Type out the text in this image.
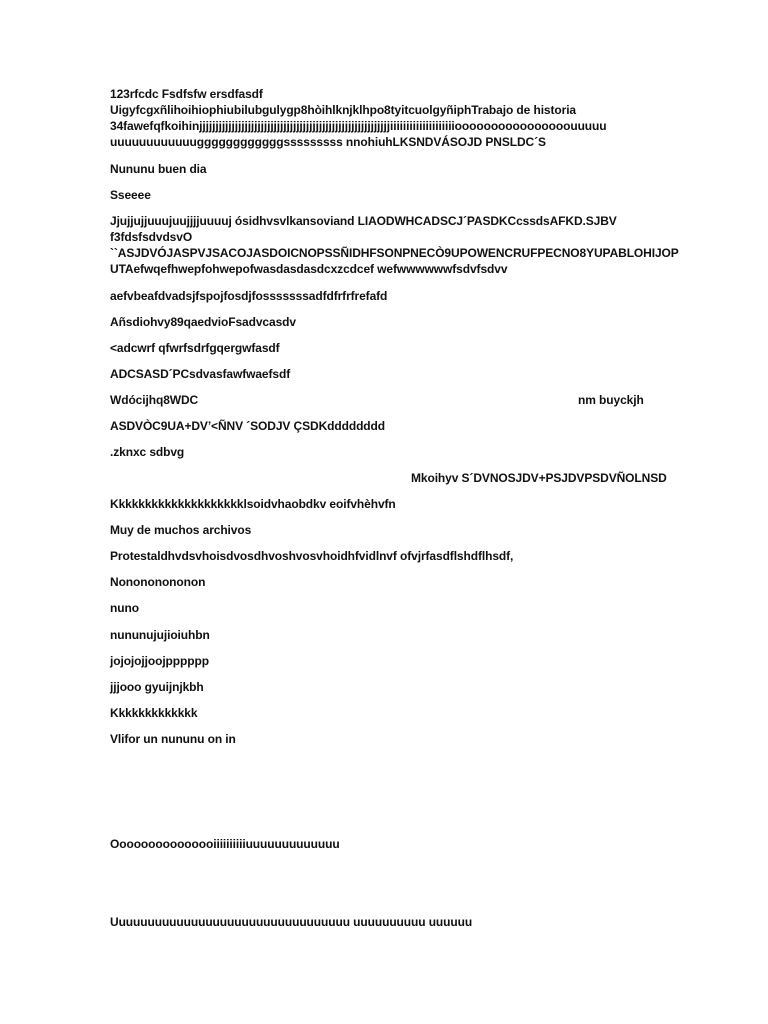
123rfcdc Fsdfsfw ersdfasdf
Uigyfcgxñlihoihiophiubilubgulygp8hòihlknjklhpo8tyitcuolgyñiphTrabajo de historia
34fawefqfkoihinjjjjjjjjjjjjjjjjjjjjjjjjjjjjjjjjjjjjjjjjjjjjjjjjjjjjjjjjjjjiiiiiiiiiiiiiiiiiiiioooooooooooooooouuuuu
uuuuuuuuuuuuggggggggggggsssssssss nnohiuhLKSNDVÁSOJD PNSLDC´S
Nununu buen dia
Sseeee
Jjujjujjuuujuujjjjuuuuj ósidhvsvlkansoviand LIAODWHCADSCJ´PASDKCcssdsAFKD.SJBV
f3fdsfsdvdsvO
``ASJDVÓJASPVJSACOJASDOICNOPSSÑIDHFSONPNECÒ9UPOWENCRUFPECNO8YUPABLOHIJOP
UTAefwqefhwepfohwepofwasdasdasdcxzcdcef wefwwwwwwfsdvfsdvv
aefvbeafdvadsjfspojfosdjfosssssssadfdfrfrfrefafd
Añsdiohvy89qaedvioFsadvcasdv
<adcwrf qfwrfsdrfgqergwfasdf
ADCSASD´PCsdvasfawfwaefsdf
Wdócijhq8WDC	nm buyckjh
ASDVÒC9UA+DV’<ÑNV ´SODJV ÇSDKdddddddd
.zknxc sdbvg
Mkoihyv S´DVNOSJDV+PSJDVPSDVÑOLNSD
Kkkkkkkkkkkkkkkkkkkklsoidvhaobdkv eoifvhèhvfn
Muy de muchos archivos
Protestaldhvdsvhoisdvosdhvoshvosvhoidhfvidlnvf ofvjrfasdflshdflhsdf,
Nonononononon
nuno
nununujujioiuhbn
jojojojjoojpppppp
jjjooo gyuijnjkbh
Kkkkkkkkkkkkk
Vlifor un nununu on in
Ooooooooooooooiiiiiiiiiiuuuuuuuuuuuuu
Uuuuuuuuuuuuuuuuuuuuuuuuuuuuuuuuu uuuuuuuuuu uuuuuu
